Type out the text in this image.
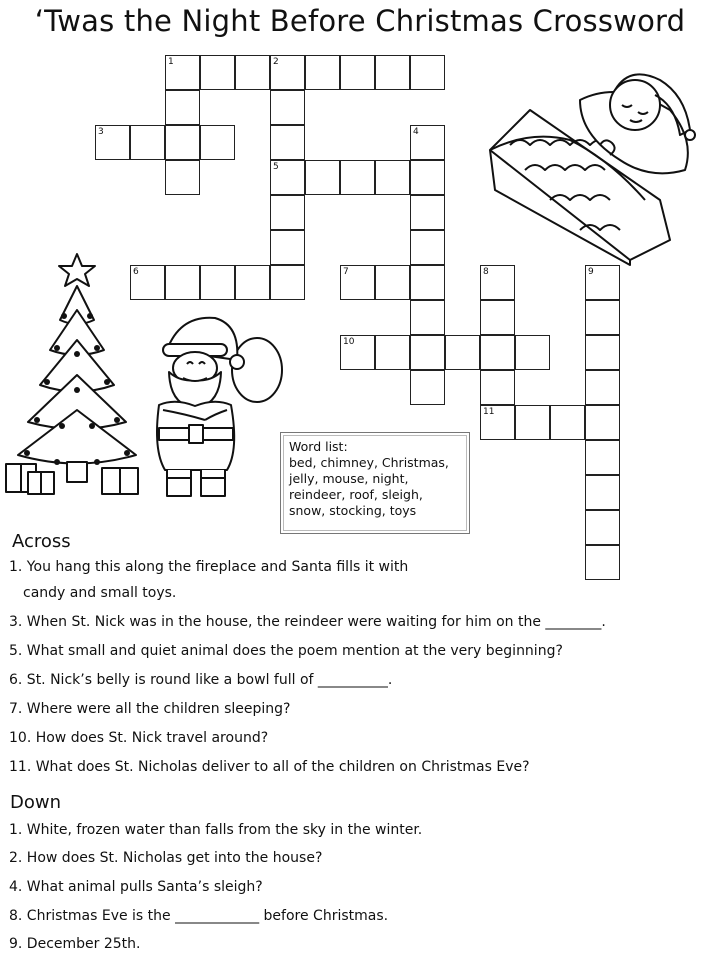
‘Twas the Night Before Christmas Crossword
1	2
3
5
6	7
10
11
4
8	9
Word list:
bed, chimney, Christmas,
jelly, mouse, night,
reindeer, roof, sleigh,
snow, stocking, toys
Across
1. You hang this along the fireplace and Santa fills it with
candy and small toys.
3. When St. Nick was in the house, the reindeer were waiting for him on the ________.
5. What small and quiet animal does the poem mention at the very beginning?
6. St. Nick’s belly is round like a bowl full of __________.
7. Where were all the children sleeping?
10. How does St. Nick travel around?
11. What does St. Nicholas deliver to all of the children on Christmas Eve?
Down
1. White, frozen water than falls from the sky in the winter.
2. How does St. Nicholas get into the house?
4. What animal pulls Santa’s sleigh?
8. Christmas Eve is the ____________ before Christmas.
9. December 25th.
